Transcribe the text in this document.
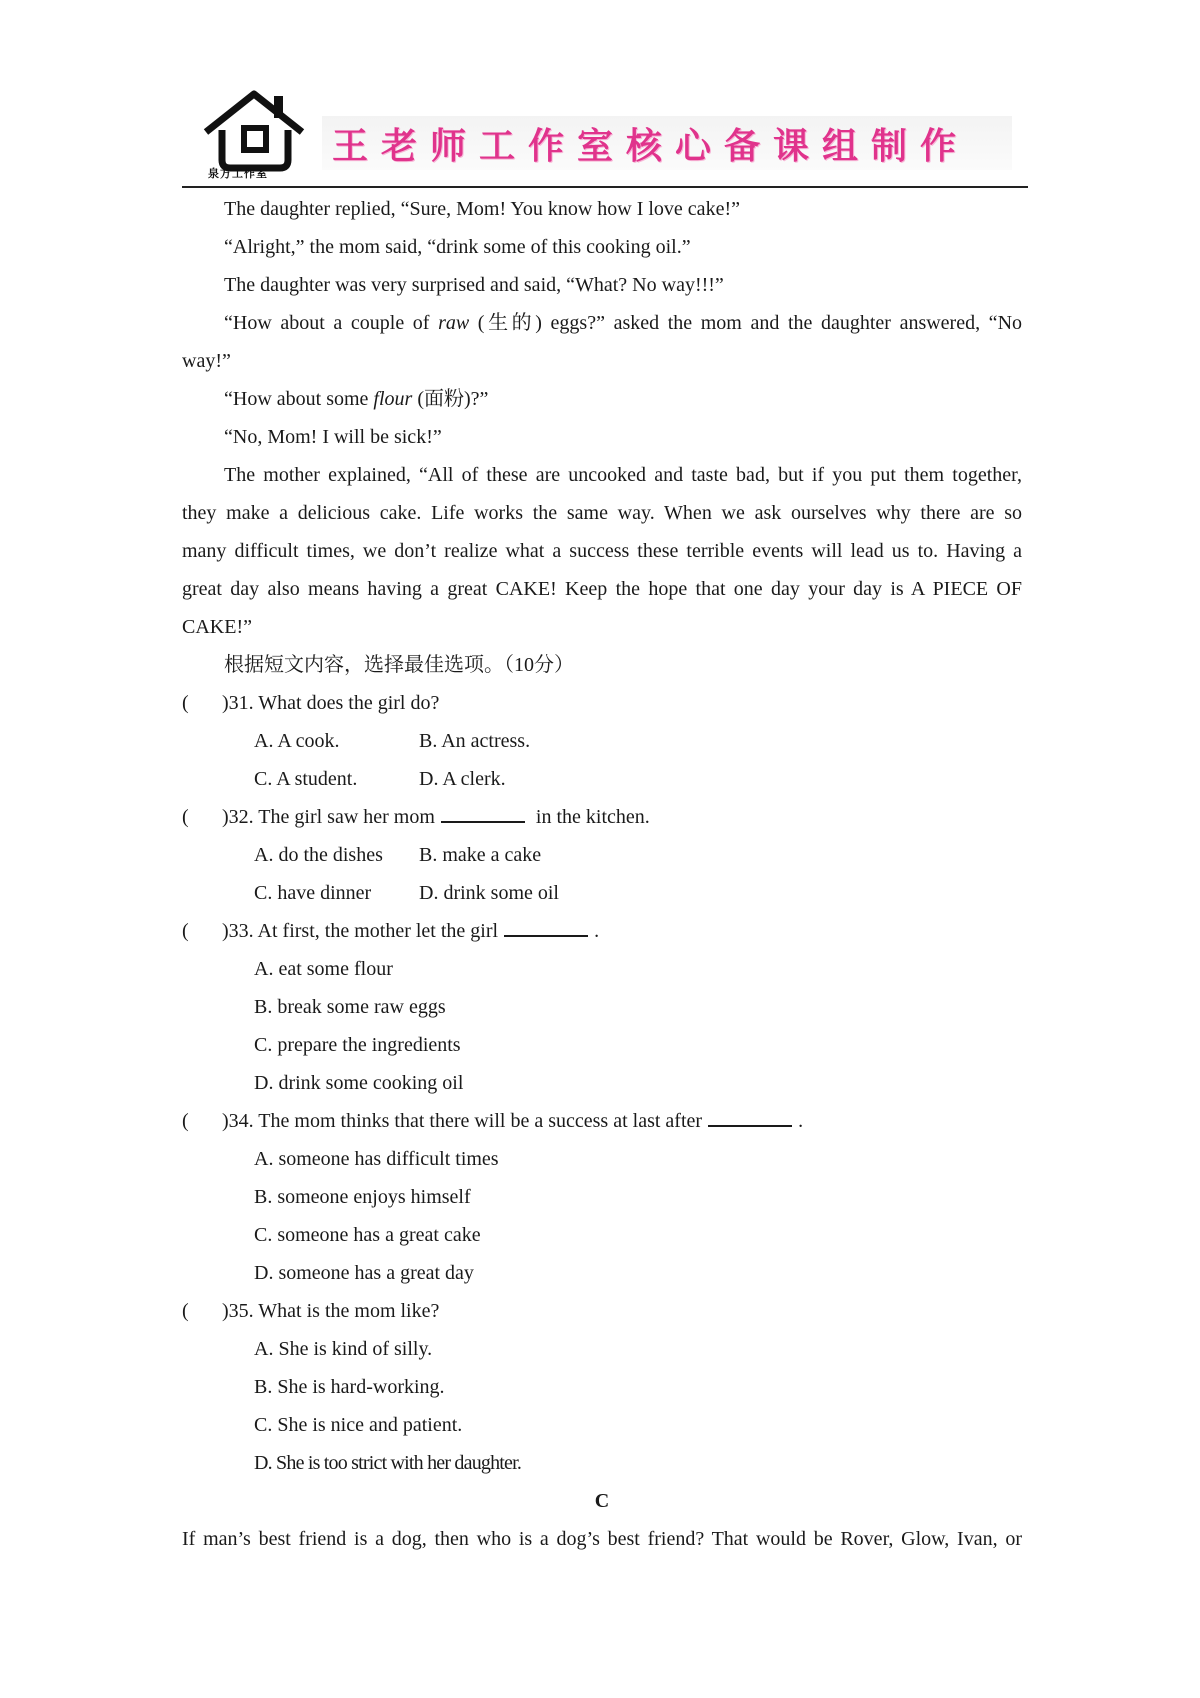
泉方工作室
王老师工作室核心备课组制作
The daughter replied, “Sure, Mom! You know how I love cake!”
“Alright,” the mom said, “drink some of this cooking oil.”
The daughter was very surprised and said, “What? No way!!!”
“How about a couple of raw (生的) eggs?” asked the mom and the daughter answered, “No
way!”
“How about some flour (面粉)?”
“No, Mom! I will be sick!”
The mother explained, “All of these are uncooked and taste bad, but if you put them together,
they make a delicious cake. Life works the same way. When we ask ourselves why there are so
many difficult times, we don’t realize what a success these terrible events will lead us to. Having a
great day also means having a great CAKE! Keep the hope that one day your day is A PIECE OF
CAKE!”
根据短文内容，选择最佳选项。（10分）
( )31. What does the girl do?
A. A cook.	B. An actress.
C. A student.	D. A clerk.
( )32. The girl saw her mom	in the kitchen.
A. do the dishes B. make a cake
C. have dinner D. drink some oil
( )33. At first, the mother let the girl	.
A. eat some flour
B. break some raw eggs
C. prepare the ingredients
D. drink some cooking oil
( )34. The mom thinks that there will be a success at last after	.
A. someone has difficult times
B. someone enjoys himself
C. someone has a great cake
D. someone has a great day
( )35. What is the mom like?
A. She is kind of silly.
B. She is hard-working.
C. She is nice and patient.
D. She is too strict with her daughter.
C
If man’s best friend is a dog, then who is a dog’s best friend? That would be Rover, Glow, Ivan, or
